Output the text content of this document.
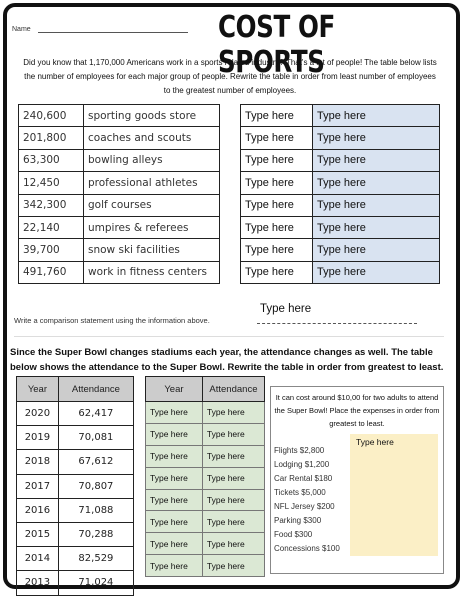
Name	COST OF SPORTS
Did you know that 1,170,000 Americans work in a sports related industry? That's a lot of people! The table below lists the number of employees for each major group of people. Rewrite the table in order from least number of employees to the greatest number of employees.
240,600	sporting goods store
201,800	coaches and scouts
63,300	bowling alleys
12,450	professional athletes
342,300	golf courses
22,140	umpires & referees
39,700	snow ski facilities
491,760	work in fitness centers
Type here	Type here
Type here	Type here
Type here	Type here
Type here	Type here
Type here	Type here
Type here	Type here
Type here	Type here
Type here	Type here
Type here
Write a comparison statement using the information above.
Since the Super Bowl changes stadiums each year, the attendance changes as well. The table below shows the attendance to the Super Bowl. Rewrite the table in order from greatest to least.
Year	Attendance
2020	62,417
2019	70,081
2018	67,612
2017	70,807
2016	71,088
2015	70,288
2014	82,529
2013	71,024
Year	Attendance
Type here	Type here
Type here	Type here
Type here	Type here
Type here	Type here
Type here	Type here
Type here	Type here
Type here	Type here
Type here	Type here
It can cost around $10,00 for two adults to attend the Super Bowl! Place the expenses in order from greatest to least.
Flights $2,800
Lodging $1,200
Car Rental $180
Tickets $5,000
NFL Jersey $200
Parking $300
Food $300
Concessions $100
Type here
